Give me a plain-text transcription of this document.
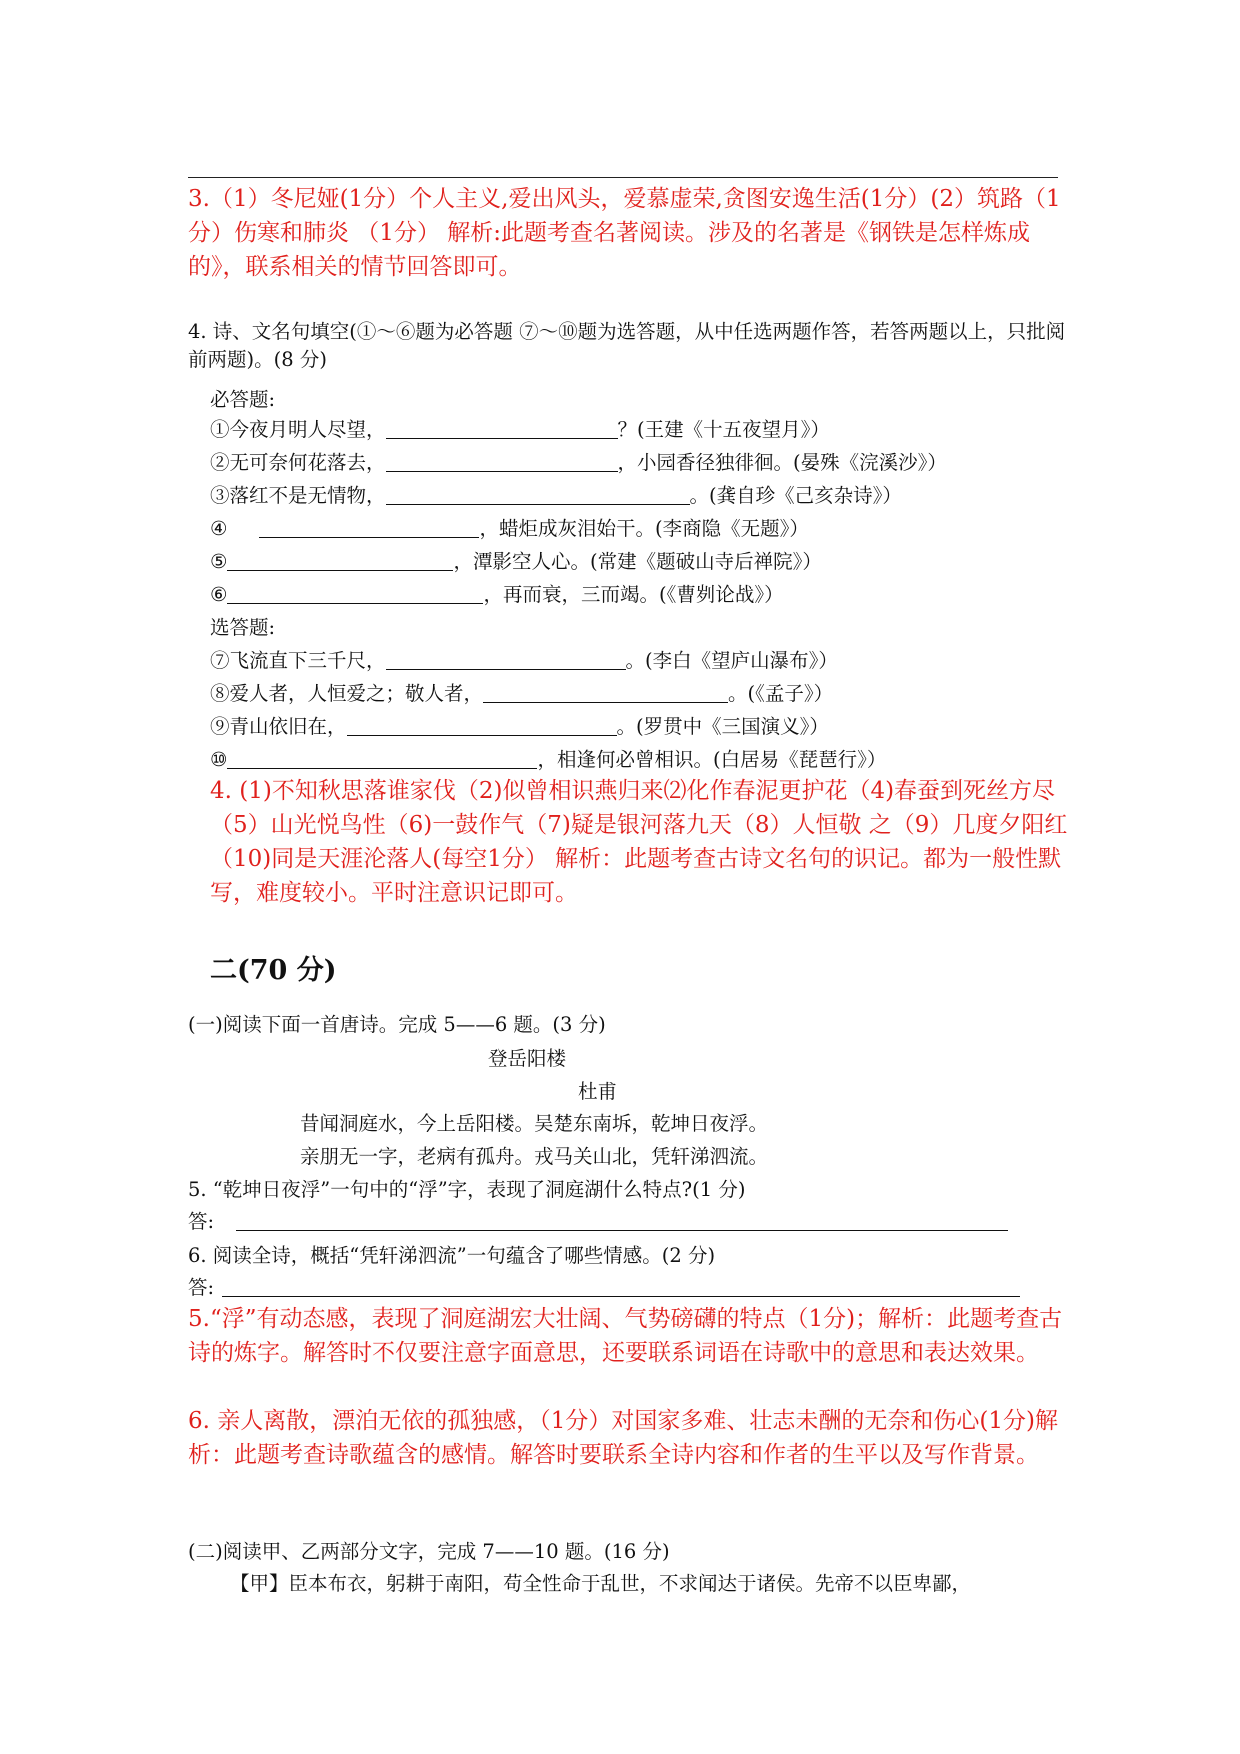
3.（1）冬尼娅(1分）个人主义,爱出风头，爱慕虚荣,贪图安逸生活(1分）(2）筑路（1分）伤寒和肺炎 （1分） 解析:此题考查名著阅读。涉及的名著是《钢铁是怎样炼成的》，联系相关的情节回答即可。
4. 诗、文名句填空(①～⑥题为必答题 ⑦～⑩题为选答题，从中任选两题作答，若答两题以上，只批阅前两题)。(8 分)
必答题:
①今夜月明人尽望，	？(王建《十五夜望月》）
②无可奈何花落去，	，小园香径独徘徊。(晏殊《浣溪沙》）
③落红不是无情物，	。(龚自珍《己亥杂诗》）
④	，蜡炬成灰泪始干。(李商隐《无题》）
⑤	，潭影空人心。(常建《题破山寺后禅院》）
⑥	，再而衰，三而竭。(《曹刿论战》）
选答题:
⑦飞流直下三千尺，	。(李白《望庐山瀑布》）
⑧爱人者，人恒爱之；敬人者，	。(《孟子》）
⑨青山依旧在，	。(罗贯中《三国演义》）
⑩	，相逢何必曾相识。(白居易《琵琶行》）
4. (1)不知秋思落谁家伐（2)似曾相识燕归来⑵化作春泥更护花（4)春蚕到死丝方尽（5）山光悦鸟性（6)一鼓作气（7)疑是银河落九天（8）人恒敬 之（9）几度夕阳红（10)同是天涯沦落人(每空1分） 解析：此题考查古诗文名句的识记。都为一般性默写，难度较小。平时注意识记即可。
二(70 分)
(一)阅读下面一首唐诗。完成 5——6 题。(3 分)
登岳阳楼
杜甫
昔闻洞庭水，今上岳阳楼。吴楚东南坼，乾坤日夜浮。
亲朋无一字，老病有孤舟。戎马关山北，凭轩涕泗流。
5. “乾坤日夜浮”一句中的“浮”字，表现了洞庭湖什么特点?(1 分)
答:
6. 阅读全诗，概括“凭轩涕泗流”一句蕴含了哪些情感。(2 分)
答:
5.“浮”有动态感，表现了洞庭湖宏大壮阔、气势磅礴的特点（1分)；解析：此题考查古诗的炼字。解答时不仅要注意字面意思，还要联系词语在诗歌中的意思和表达效果。
6. 亲人离散，漂泊无依的孤独感，（1分）对国家多难、壮志未酬的无奈和伤心(1分)解析：此题考查诗歌蕴含的感情。解答时要联系全诗内容和作者的生平以及写作背景。
(二)阅读甲、乙两部分文字，完成 7——10 题。(16 分)
【甲】臣本布衣，躬耕于南阳，苟全性命于乱世，不求闻达于诸侯。先帝不以臣卑鄙，
